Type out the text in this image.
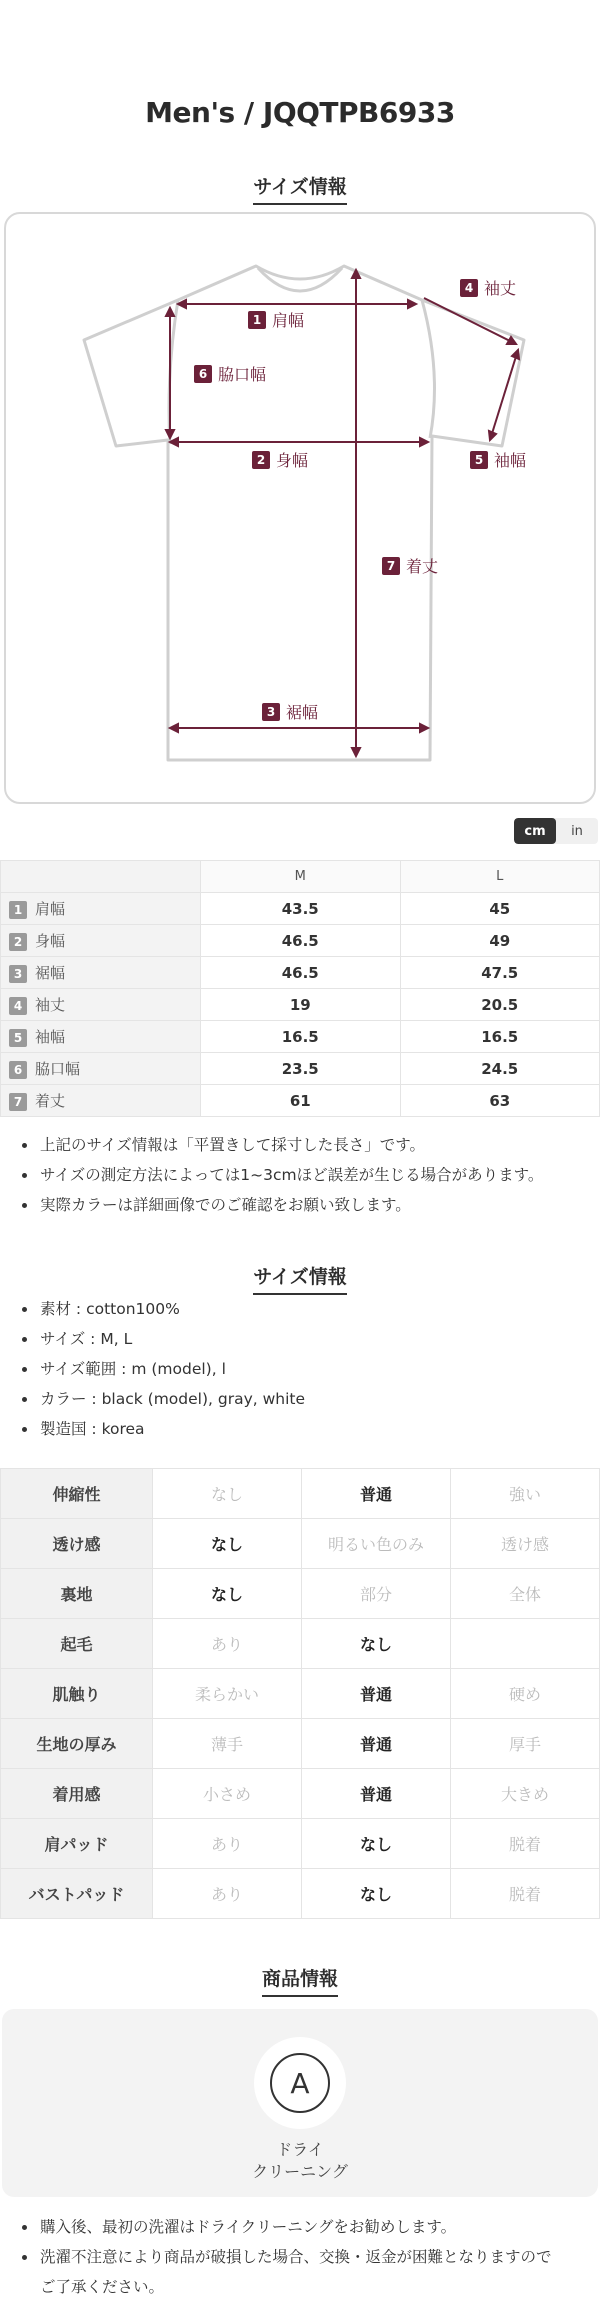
Men's / JQQTPB6933
サイズ情報
1 肩幅
2 身幅
3 裾幅
4 袖丈
5 袖幅
6 脇口幅
7 着丈
cm	in
	M	L
1 肩幅	43.5	45
2 身幅	46.5	49
3 裾幅	46.5	47.5
4 袖丈	19	20.5
5 袖幅	16.5	16.5
6 脇口幅	23.5	24.5
7 着丈	61	63
上記のサイズ情報は「平置きして採寸した長さ」です。
サイズの測定方法によっては1~3cmほど誤差が生じる場合があります。
実際カラーは詳細画像でのご確認をお願い致します。
サイズ情報
素材 : cotton100%
サイズ : M, L
サイズ範囲 : m (model), l
カラー : black (model), gray, white
製造国 : korea
伸縮性	なし	普通	強い
透け感	なし	明るい色のみ	透け感
裏地	なし	部分	全体
起毛	あり	なし	
肌触り	柔らかい	普通	硬め
生地の厚み	薄手	普通	厚手
着用感	小さめ	普通	大きめ
肩パッド	あり	なし	脱着
バストパッド	あり	なし	脱着
商品情報
A
ドライ
クリーニング
購入後、最初の洗濯はドライクリーニングをお勧めします。
洗濯不注意により商品が破損した場合、交換・返金が困難となりますので
ご了承ください。
